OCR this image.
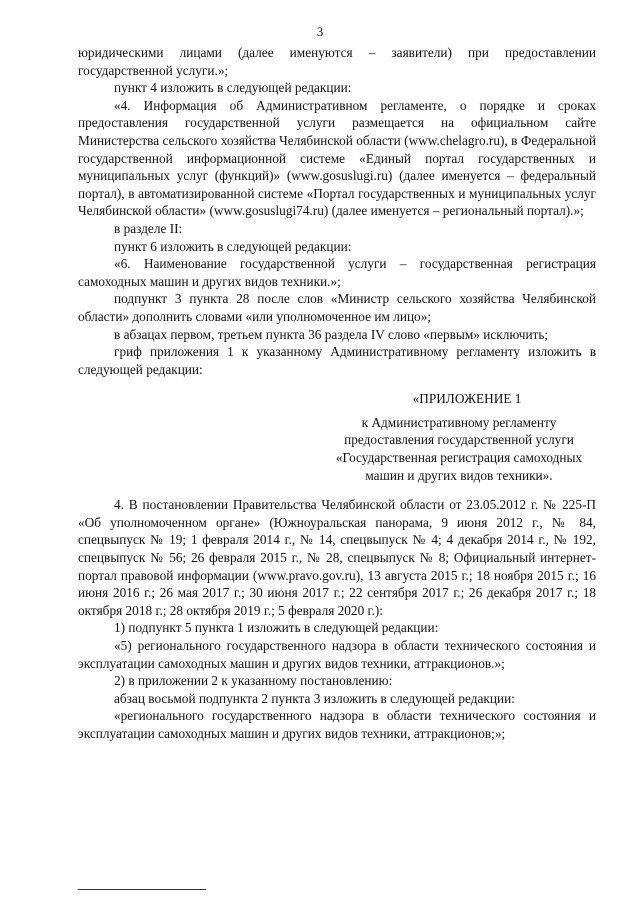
3

юридическими лицами (далее именуются – заявители) при предоставлении государственной услуги.»;

пункт 4 изложить в следующей редакции:

«4. Информация об Административном регламенте, о порядке и сроках предоставления государственной услуги размещается на официальном сайте Министерства сельского хозяйства Челябинской области (www.chelagro.ru), в Федеральной государственной информационной системе «Единый портал государственных и муниципальных услуг (функций)» (www.gosuslugi.ru) (далее именуется – федеральный портал), в автоматизированной системе «Портал государственных и муниципальных услуг Челябинской области» (www.gosuslugi74.ru) (далее именуется – региональный портал).»;

в разделе II:

пункт 6 изложить в следующей редакции:

«6. Наименование государственной услуги – государственная регистрация самоходных машин и других видов техники.»;

подпункт 3 пункта 28 после слов «Министр сельского хозяйства Челябинской области» дополнить словами «или уполномоченное им лицо»;

в абзацах первом, третьем пункта 36 раздела IV слово «первым» исключить;

гриф приложения 1 к указанному Административному регламенту изложить в следующей редакции:

«ПРИЛОЖЕНИЕ 1
к Административному регламенту предоставления государственной услуги «Государственная регистрация самоходных машин и других видов техники».

4. В постановлении Правительства Челябинской области от 23.05.2012 г. № 225-П «Об уполномоченном органе» (Южноуральская панорама, 9 июня 2012 г., № 84, спецвыпуск № 19; 1 февраля 2014 г., № 14, спецвыпуск № 4; 4 декабря 2014 г., № 192, спецвыпуск № 56; 26 февраля 2015 г., № 28, спецвыпуск № 8; Официальный интернет-портал правовой информации (www.pravo.gov.ru), 13 августа 2015 г.; 18 ноября 2015 г.; 16 июня 2016 г.; 26 мая 2017 г.; 30 июня 2017 г.; 22 сентября 2017 г.; 26 декабря 2017 г.; 18 октября 2018 г.; 28 октября 2019 г.; 5 февраля 2020 г.):

1) подпункт 5 пункта 1 изложить в следующей редакции:

«5) регионального государственного надзора в области технического состояния и эксплуатации самоходных машин и других видов техники, аттракционов.»;

2) в приложении 2 к указанному постановлению:

абзац восьмой подпункта 2 пункта 3 изложить в следующей редакции:

«регионального государственного надзора в области технического состояния и эксплуатации самоходных машин и других видов техники, аттракционов;»;
